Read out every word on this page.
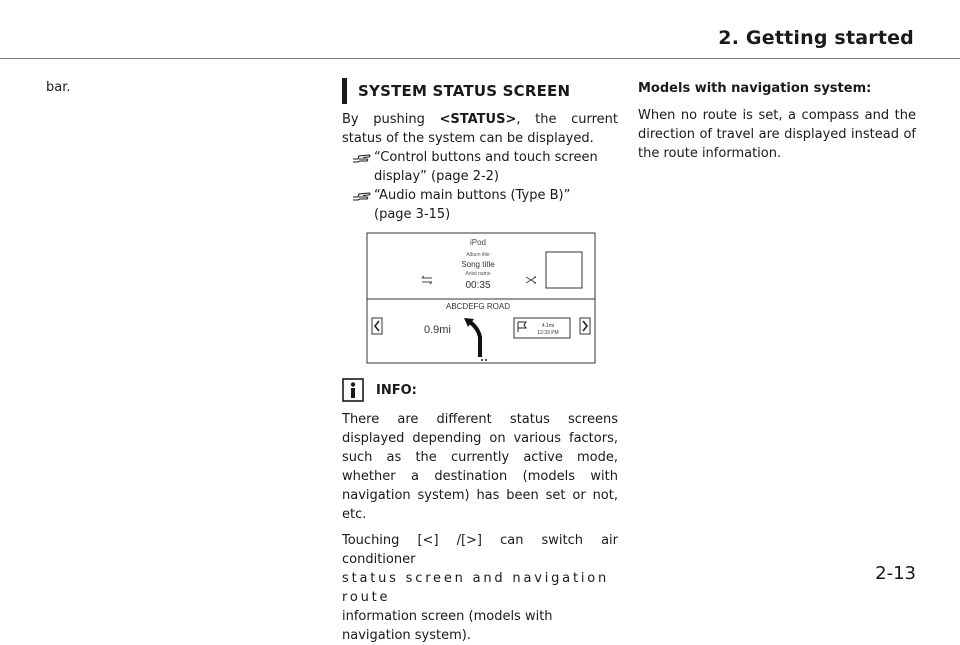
2. Getting started

bar.	SYSTEM STATUS SCREEN

By pushing <STATUS>, the current status of the system can be displayed.

“Control buttons and touch screen
display” (page 2-2)
“Audio main buttons (Type B)”
(page 3-15)
iPod
Album title
Song title
Artist name
00:35
ABCDEFG ROAD
0.9mi	4.1mi
12:33 PM
INFO:

There are different status screens displayed depending on various factors, such as the currently active mode, whether a destination (models with navigation system) has been set or not, etc.

Touching [<] /[>] can switch air conditioner

status screen and navigation route

information screen (models with navigation system).

Models with navigation system:

When no route is set, a compass and the direction of travel are displayed instead of the route information.

2-13
